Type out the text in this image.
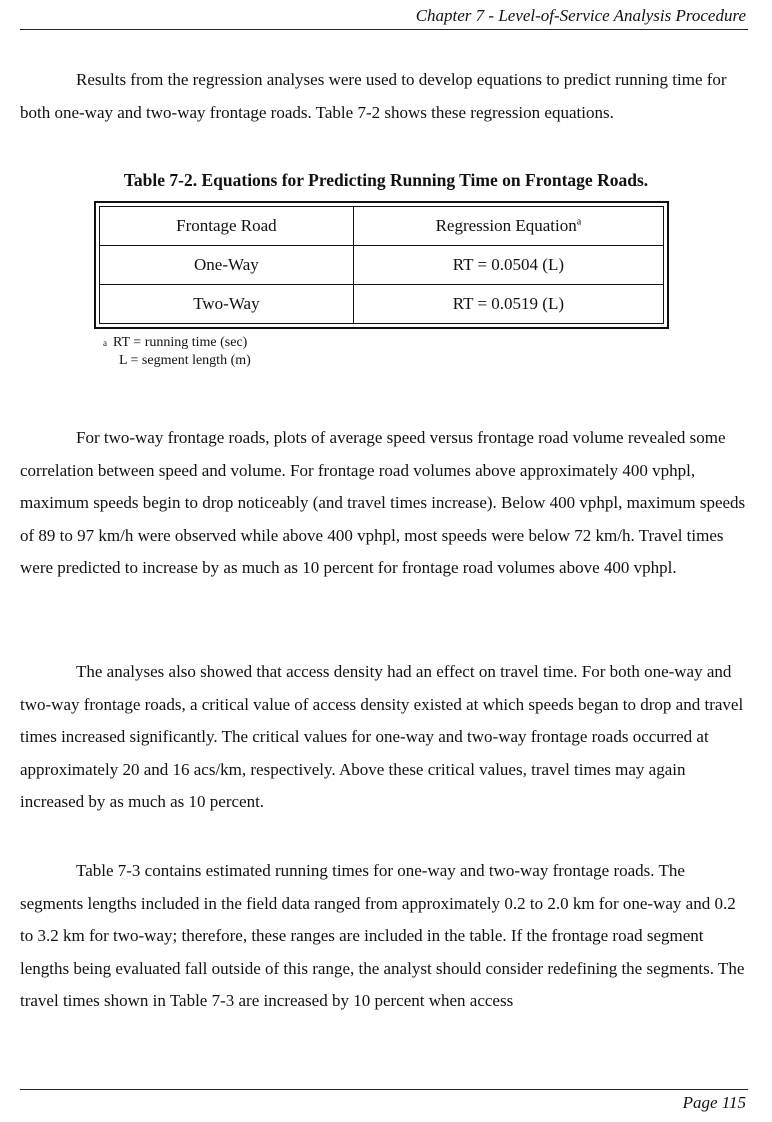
Chapter 7 - Level-of-Service Analysis Procedure

Results from the regression analyses were used to develop equations to predict running time for both one-way and two-way frontage roads. Table 7-2 shows these regression equations.

Table 7-2. Equations for Predicting Running Time on Frontage Roads.
Frontage Road	Regression Equation$^a$
One-Way	RT = 0.0504 (L)
Two-Way	RT = 0.0519 (L)
$^a$ RT = running time (sec)
L = segment length (m)

For two-way frontage roads, plots of average speed versus frontage road volume revealed some correlation between speed and volume. For frontage road volumes above approximately 400 vphpl, maximum speeds begin to drop noticeably (and travel times increase). Below 400 vphpl, maximum speeds of 89 to 97 km/h were observed while above 400 vphpl, most speeds were below 72 km/h. Travel times were predicted to increase by as much as 10 percent for frontage road volumes above 400 vphpl.

The analyses also showed that access density had an effect on travel time. For both one-way and two-way frontage roads, a critical value of access density existed at which speeds began to drop and travel times increased significantly. The critical values for one-way and two-way frontage roads occurred at approximately 20 and 16 acs/km, respectively. Above these critical values, travel times may again increased by as much as 10 percent.

Table 7-3 contains estimated running times for one-way and two-way frontage roads. The segments lengths included in the field data ranged from approximately 0.2 to 2.0 km for one-way and 0.2 to 3.2 km for two-way; therefore, these ranges are included in the table. If the frontage road segment lengths being evaluated fall outside of this range, the analyst should consider redefining the segments. The travel times shown in Table 7-3 are increased by 10 percent when access

Page 115
